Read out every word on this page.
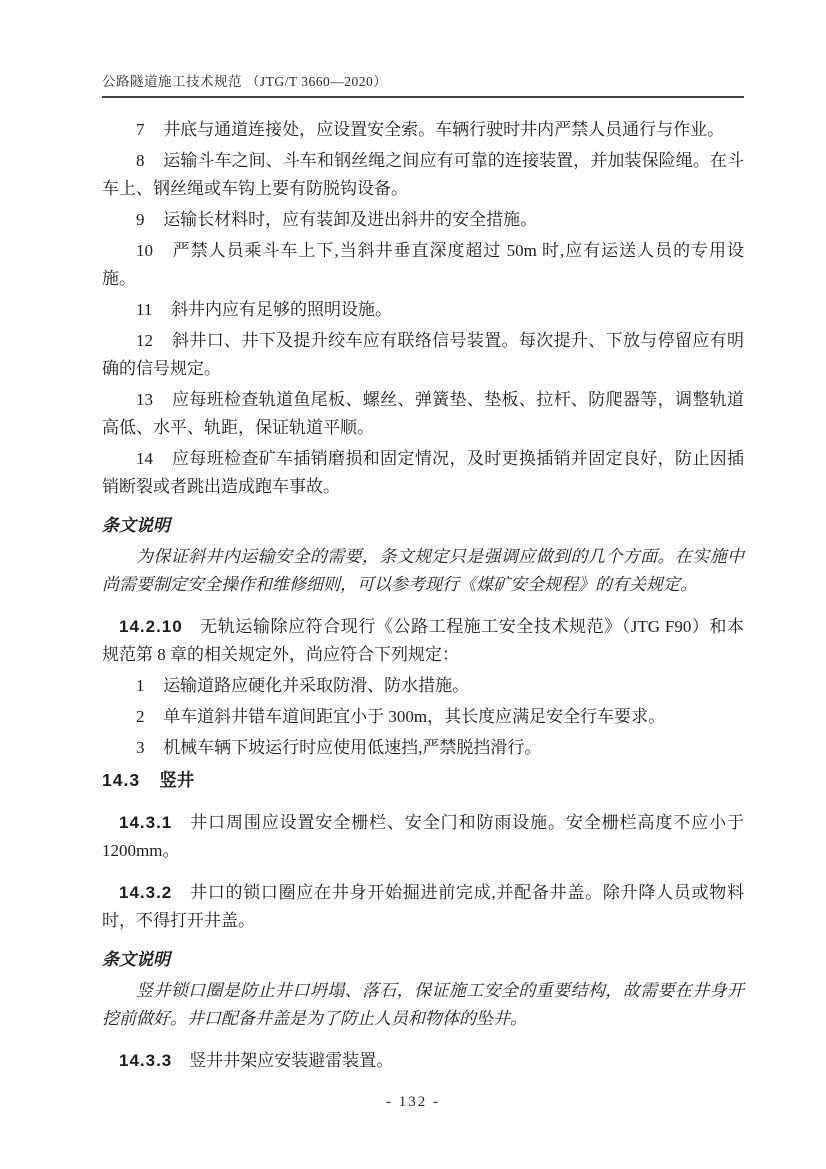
公路隧道施工技术规范 （JTG/T 3660—2020）

7 井底与通道连接处，应设置安全索。车辆行驶时井内严禁人员通行与作业。

8 运输斗车之间、斗车和钢丝绳之间应有可靠的连接装置，并加装保险绳。在斗车上、钢丝绳或车钩上要有防脱钩设备。

9 运输长材料时，应有装卸及进出斜井的安全措施。

10 严禁人员乘斗车上下,当斜井垂直深度超过 50m 时,应有运送人员的专用设施。

11 斜井内应有足够的照明设施。

12 斜井口、井下及提升绞车应有联络信号装置。每次提升、下放与停留应有明确的信号规定。

13 应每班检查轨道鱼尾板、螺丝、弹簧垫、垫板、拉杆、防爬器等，调整轨道高低、水平、轨距，保证轨道平顺。

14 应每班检查矿车插销磨损和固定情况，及时更换插销并固定良好，防止因插销断裂或者跳出造成跑车事故。

条文说明

为保证斜井内运输安全的需要，条文规定只是强调应做到的几个方面。在实施中尚需要制定安全操作和维修细则，可以参考现行《煤矿安全规程》的有关规定。

14.2.10 无轨运输除应符合现行《公路工程施工安全技术规范》（JTG F90）和本规范第 8 章的相关规定外，尚应符合下列规定：

1 运输道路应硬化并采取防滑、防水措施。

2 单车道斜井错车道间距宜小于 300m，其长度应满足安全行车要求。

3 机械车辆下坡运行时应使用低速挡,严禁脱挡滑行。

14.3 竖井

14.3.1 井口周围应设置安全栅栏、安全门和防雨设施。安全栅栏高度不应小于 1200mm。

14.3.2 井口的锁口圈应在井身开始掘进前完成,并配备井盖。除升降人员或物料时，不得打开井盖。

条文说明

竖井锁口圈是防止井口坍塌、落石，保证施工安全的重要结构，故需要在井身开挖前做好。井口配备井盖是为了防止人员和物体的坠井。

14.3.3 竖井井架应安装避雷装置。

- 132 -
